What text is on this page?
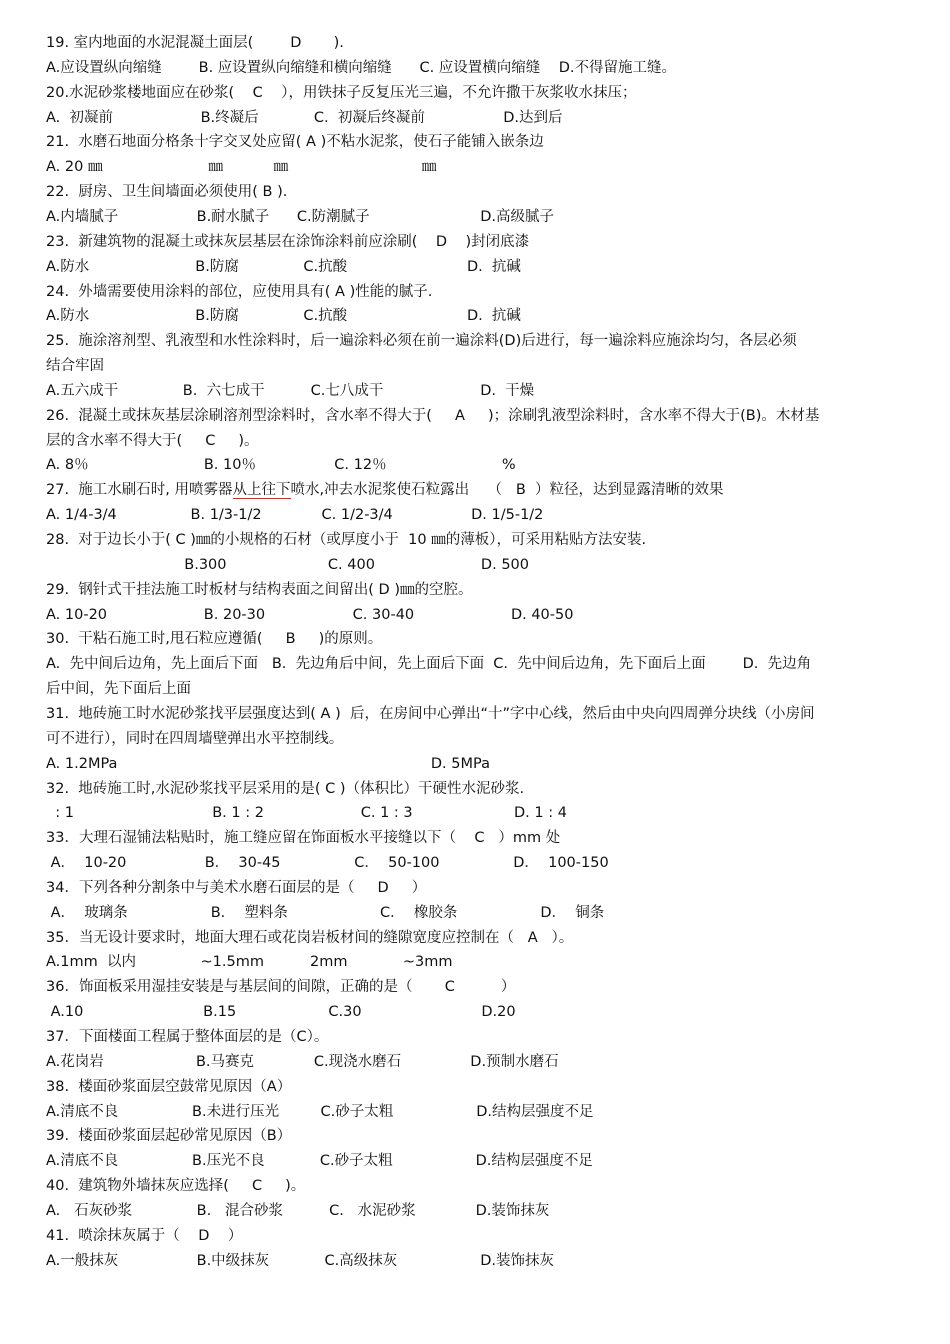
19. 室内地面的水泥混凝土面层(        D       ).
A.应设置纵向缩缝        B. 应设置纵向缩缝和横向缩缝      C. 应设置横向缩缝    D.不得留施工缝。
20.水泥砂浆楼地面应在砂浆(    C    ），用铁抹子反复压光三遍，不允许撒干灰浆收水抹压；
A.  初凝前                   B.终凝后            C.  初凝后终凝前                 D.达到后
21.  水磨石地面分格条十字交叉处应留( A )不粘水泥浆，使石子能铺入嵌条边
A. 20 ㎜                       ㎜           ㎜                             ㎜
22.  厨房、卫生间墙面必须使用( B ).
A.内墙腻子                 B.耐水腻子      C.防潮腻子                        D.高级腻子
23.  新建筑物的混凝土或抹灰层基层在涂饰涂料前应涂刷(    D    )封闭底漆
A.防水                       B.防腐              C.抗酸                          D.  抗碱
24.  外墙需要使用涂料的部位，应使用具有( A )性能的腻子.
A.防水                       B.防腐              C.抗酸                          D.  抗碱
25.  施涂溶剂型、乳液型和水性涂料时，后一遍涂料必须在前一遍涂料(D)后进行，每一遍涂料应施涂均匀，各层必须
结合牢固
A.五六成干              B.  六七成干          C.七八成干                     D.  干燥
26.  混凝土或抹灰基层涂刷溶剂型涂料时，含水率不得大于(     A     )；涂刷乳液型涂料时，含水率不得大于(B)。木材基
层的含水率不得大于(     C     )。
A. 8％                         B. 10％                 C. 12％                         %
27.  施工水刷石时, 用喷雾器从上往下喷水,冲去水泥浆使石粒露出    （   B  ）粒径，达到显露清晰的效果
A. 1/4-3/4                B. 1/3-1/2             C. 1/2-3/4                 D. 1/5-1/2
28.  对于边长小于( C )㎜的小规格的石材（或厚度小于  10 ㎜的薄板），可采用粘贴方法安装.
B.300                      C. 400                       D. 500
29.  钢针式干挂法施工时板材与结构表面之间留出( D )㎜的空腔。
A. 10-20                     B. 20-30                   C. 30-40                     D. 40-50
30.  干粘石施工时,甩石粒应遵循(     B     )的原则。
A.  先中间后边角，先上面后下面   B.  先边角后中间，先上面后下面  C.  先中间后边角，先下面后上面        D.  先边角
后中间，先下面后上面
31.  地砖施工时水泥砂浆找平层强度达到( A )  后，在房间中心弹出“十”字中心线，然后由中央向四周弹分块线（小房间
可不进行），同时在四周墙壁弹出水平控制线。
A. 1.2MPa                                                                    D. 5MPa
32.  地砖施工时,水泥砂浆找平层采用的是( C )（体积比）干硬性水泥砂浆.
: 1                              B. 1 : 2                     C. 1 : 3                      D. 1 : 4
33．大理石湿铺法粘贴时，施工缝应留在饰面板水平接缝以下（    C   ）mm 处
A．  10-20                 B．  30-45                C．  50-100                D．  100-150
34．下列各种分割条中与美术水磨石面层的是（     D     ）
A．  玻璃条                  B．  塑料条                    C．  橡胶条                  D．  铜条
35．当无设计要求时，地面大理石或花岗岩板材间的缝隙宽度应控制在（   A   ）。
A.1mm  以内              ~1.5mm          2mm            ~3mm
36．饰面板采用湿挂安装是与基层间的间隙，正确的是（       C          ）
A.10                          B.15                    C.30                          D.20
37．下面楼面工程属于整体面层的是（C）。
A.花岗岩                    B.马赛克             C.现浇水磨石               D.预制水磨石
38.  楼面砂浆面层空鼓常见原因（A）
A.清底不良                B.未进行压光         C.砂子太粗                  D.结构层强度不足
39.  楼面砂浆面层起砂常见原因（B）
A.清底不良                B.压光不良            C.砂子太粗                  D.结构层强度不足
40.  建筑物外墙抹灰应选择(     C     )。
A.   石灰砂浆              B.   混合砂浆          C.   水泥砂浆             D.装饰抹灰
41.  喷涂抹灰属于（    D    ）
A.一般抹灰                 B.中级抹灰            C.高级抹灰                  D.装饰抹灰
